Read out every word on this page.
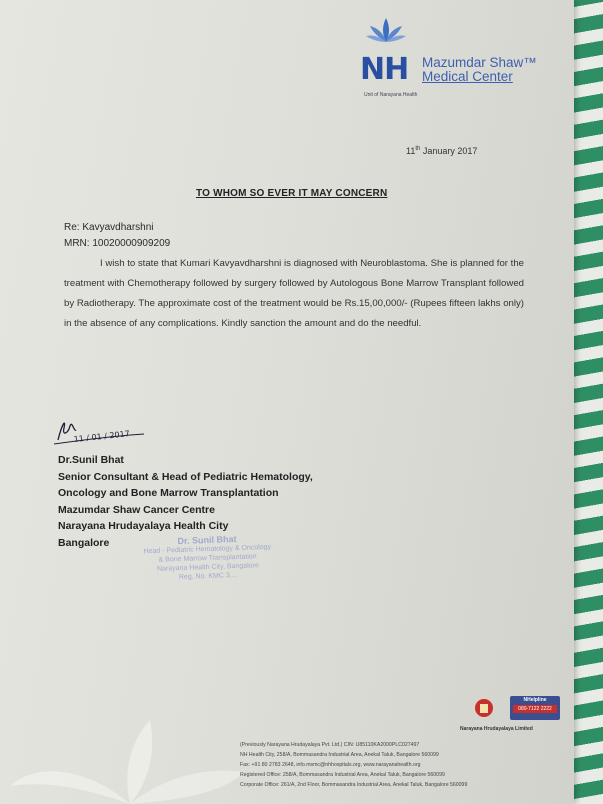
NH Mazumdar Shaw™
Medical Center
Unit of Narayana Health
11th January 2017
TO WHOM SO EVER IT MAY CONCERN
Re: Kavyavdharshni
MRN: 10020000909209

I wish to state that Kumari Kavyavdharshni is diagnosed with Neuroblastoma. She is planned for the treatment with Chemotherapy followed by surgery followed by Autologous Bone Marrow Transplant followed by Radiotherapy. The approximate cost of the treatment would be Rs.15,00,000/- (Rupees fifteen lakhs only) in the absence of any complications. Kindly sanction the amount and do the needful.

11 / 01 / 2017
Dr.Sunil Bhat
Senior Consultant & Head of Pediatric Hematology,
Oncology and Bone Marrow Transplantation
Mazumdar Shaw Cancer Centre
Narayana Hrudayalaya Health City
Bangalore	Dr. Sunil Bhat
Head - Pediatric Hematology & Oncology
& Bone Marrow Transplantation
Narayana Health City, Bangalore
Reg. No. KMC 3....
NHelpline
080-7122 2222
Narayana Hrudayalaya Limited
(Previously Narayana Hrudayalaya Pvt. Ltd.) CIN: U85110KA2000PLC027497
NH Health City, 258/A, Bommasandra Industrial Area, Anekal Taluk, Bangalore 560099
Fax: +91 80 2783 2648, info.msmc@nhhospitals.org, www.narayanahealth.org
Registered Office: 258/A, Bommasandra Industrial Area, Anekal Taluk, Bangalore 560099
Corporate Office: 261/A, 2nd Floor, Bommasandra Industrial Area, Anekal Taluk, Bangalore 560099
